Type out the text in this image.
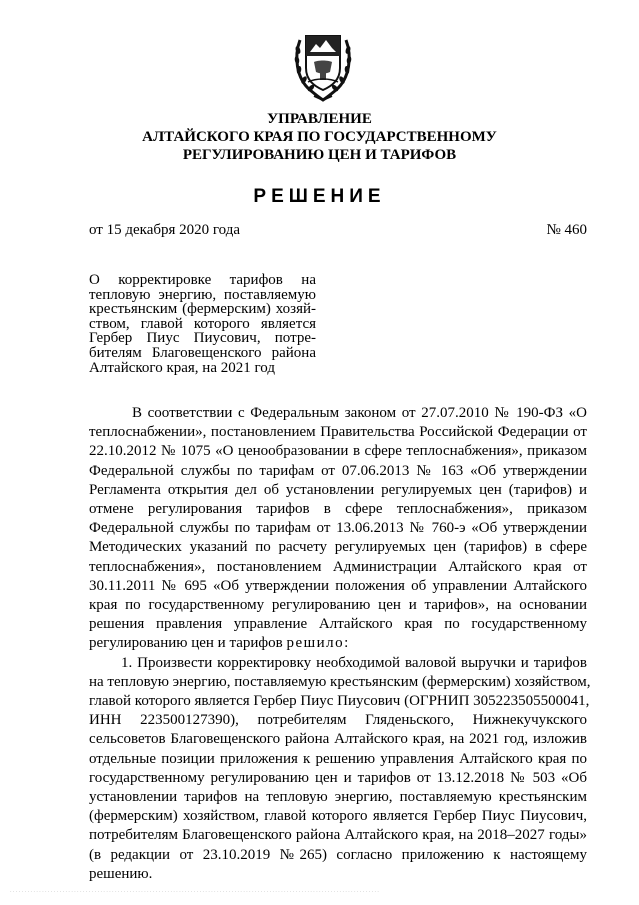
УПРАВЛЕНИЕ
АЛТАЙСКОГО КРАЯ ПО ГОСУДАРСТВЕННОМУ
РЕГУЛИРОВАНИЮ ЦЕН И ТАРИФОВ
РЕШЕНИЕ
от 15 декабря 2020 года	№ 460
О корректировке тарифов на
тепловую энергию, поставляемую
крестьянским (фермерским) хозяй-
ством, главой которого является
Гербер Пиус Пиусович, потре-
бителям Благовещенского района
Алтайского края, на 2021 год
В соответствии с Федеральным законом от 27.07.2010 № 190-ФЗ «О
теплоснабжении», постановлением Правительства Российской Федерации от
22.10.2012 № 1075 «О ценообразовании в сфере теплоснабжения», приказом
Федеральной службы по тарифам от 07.06.2013 № 163 «Об утверждении
Регламента открытия дел об установлении регулируемых цен (тарифов) и
отмене регулирования тарифов в сфере теплоснабжения», приказом
Федеральной службы по тарифам от 13.06.2013 № 760-э «Об утверждении
Методических указаний по расчету регулируемых цен (тарифов) в сфере
теплоснабжения», постановлением Администрации Алтайского края от
30.11.2011 № 695 «Об утверждении положения об управлении Алтайского
края по государственному регулированию цен и тарифов», на основании
решения правления управление Алтайского края по государственному
регулированию цен и тарифов решило:
1. Произвести корректировку необходимой валовой выручки и тарифов
на тепловую энергию, поставляемую крестьянским (фермерским) хозяйством,
главой которого является Гербер Пиус Пиусович (ОГРНИП 305223505500041,
ИНН 223500127390), потребителям Гляденьского, Нижнекучукского
сельсоветов Благовещенского района Алтайского края, на 2021 год, изложив
отдельные позиции приложения к решению управления Алтайского края по
государственному регулированию цен и тарифов от 13.12.2018 № 503 «Об
установлении тарифов на тепловую энергию, поставляемую крестьянским
(фермерским) хозяйством, главой которого является Гербер Пиус Пиусович,
потребителям Благовещенского района Алтайского края, на 2018–2027 годы»
(в редакции от 23.10.2019 №265) согласно приложению к настоящему
решению.
· · · · · · · · · · · · · · · · · · · · · · · · · · · · · · · · · · · · · · · · · · · · · · · · · · · · · · · · · · · · · · · · · · · · · · · · · · · · · · · · · · · · · · · · · · · · · · · · · · · · · · · · · · · · · · · · · · · · · · · · · · · · · · ·
